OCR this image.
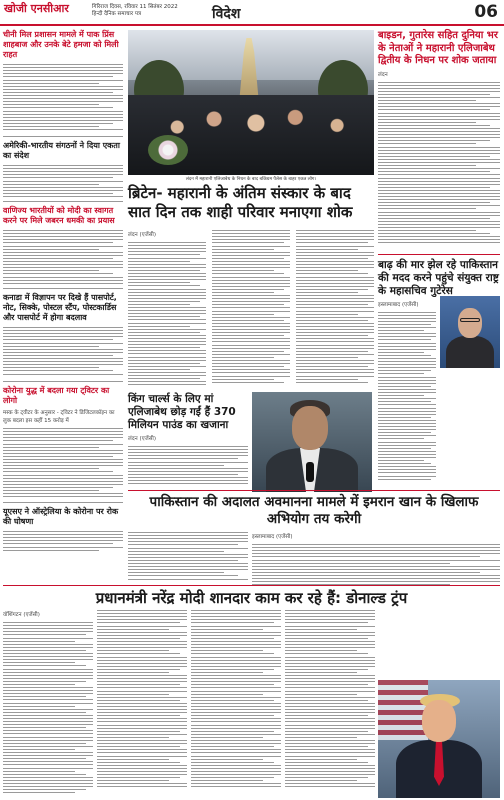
खोजी एनसीआर	गिरिराज दिवस, रविवार 11 सितंबर 2022
हिन्दी दैनिक समाचार पत्र	विदेश	06
चीनी मिल प्रशासन मामले में पाक प्रिंस शाहबाज और उनके बेटे हमजा को मिली राहत
अमेरिकी-भारतीय संगठनों ने दिया एकता का संदेश
वाणिज्य भारतीयों को मोदी का स्वागत करने पर मिले जबरन धमकी का प्रयास
कनाडा में विज्ञापन पर दिखे हैं पासपोर्ट, नोट, सिक्के, पोस्टल स्टैंप, पोस्टकार्डिस और पासपोर्ट में होगा बदलाव
कोरोना युद्ध में बदला गया ट्विटर का लोगो
मस्क के ट्वीटर के अनुसार - ट्विटर ने डिजिटलकॉइन का लुक बदला इस कहीं 15 करोड़ में
यूएसए ने ऑस्ट्रेलिया के कोरोना पर रोक की घोषणा
लंदन में महारानी एलिजाबेथ के निधन के बाद बकिंघम पैलेस के बाहर एकत्र लोग।
ब्रिटेन- महारानी के अंतिम संस्कार के बाद सात दिन तक शाही परिवार मनाएगा शोक
लंदन (एजेंसी)
किंग चार्ल्स के लिए मां एलिजाबेथ छोड़ गईं हैं 370 मिलियन पाउंड का खजाना
लंदन (एजेंसी)
पाकिस्तान की अदालत अवमानना मामले में इमरान खान के खिलाफ अभियोग तय करेगी
इस्लामाबाद (एजेंसी)
प्रधानमंत्री नरेंद्र मोदी शानदार काम कर रहे हैं: डोनाल्ड ट्रंप
वॉशिंगटन (एजेंसी)
बाइडन, गुतारेस सहित दुनिया भर के नेताओं ने महारानी एलिजाबेथ द्वितीय के निधन पर शोक जताया
लंदन
बाढ़ की मार झेल रहे पाकिस्तान की मदद करने पहुंचे संयुक्त राष्ट्र के महासचिव गुटेरेस
इस्लामाबाद (एजेंसी)
